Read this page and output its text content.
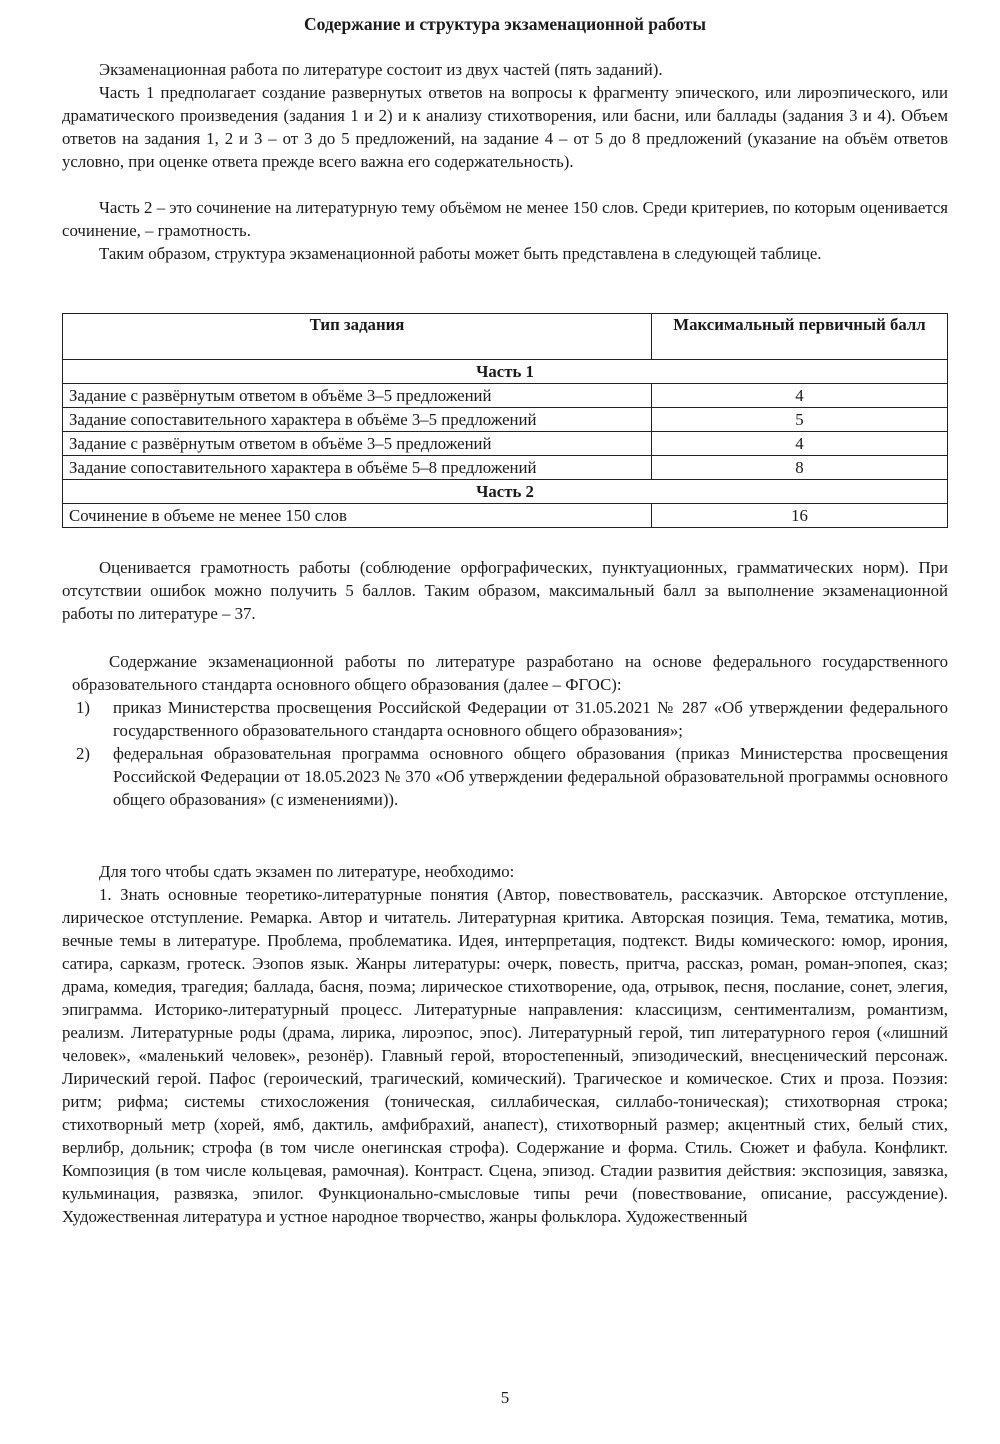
Содержание и структура экзаменационной работы

Экзаменационная работа по литературе состоит из двух частей (пять заданий).

Часть 1 предполагает создание развернутых ответов на вопросы к фрагменту эпического, или лироэпического, или драматического произведения (задания 1 и 2) и к анализу стихотворения, или басни, или баллады (задания 3 и 4). Объем ответов на задания 1, 2 и 3 – от 3 до 5 предложений, на задание 4 – от 5 до 8 предложений (указание на объём ответов условно, при оценке ответа прежде всего важна его содержательность).

Часть 2 – это сочинение на литературную тему объёмом не менее 150 слов. Среди критериев, по которым оценивается сочинение, – грамотность.

Таким образом, структура экзаменационной работы может быть представлена в следующей таблице.

Тип задания	Максимальный первичный балл
Часть 1	
Задание с развёрнутым ответом в объёме 3–5 предложений	4
Задание сопоставительного характера в объёме 3–5 предложений	5
Задание с развёрнутым ответом в объёме 3–5 предложений	4
Задание сопоставительного характера в объёме 5–8 предложений	8
Часть 2	
Сочинение в объеме не менее 150 слов	16

Оценивается грамотность работы (соблюдение орфографических, пунктуационных, грамматических норм). При отсутствии ошибок можно получить 5 баллов. Таким образом, максимальный балл за выполнение экзаменационной работы по литературе – 37.

Содержание экзаменационной работы по литературе разработано на основе федерального государственного образовательного стандарта основного общего образования (далее – ФГОС):

1) приказ Министерства просвещения Российской Федерации от 31.05.2021 № 287 «Об утверждении федерального государственного образовательного стандарта основного общего образования»;
2) федеральная образовательная программа основного общего образования (приказ Министерства просвещения Российской Федерации от 18.05.2023 № 370 «Об утверждении федеральной образовательной программы основного общего образования» (с изменениями)).

Для того чтобы сдать экзамен по литературе, необходимо:

1. Знать основные теоретико-литературные понятия (Автор, повествователь, рассказчик. Авторское отступление, лирическое отступление. Ремарка. Автор и читатель. Литературная критика. Авторская позиция. Тема, тематика, мотив, вечные темы в литературе. Проблема, проблематика. Идея, интерпретация, подтекст. Виды комического: юмор, ирония, сатира, сарказм, гротеск. Эзопов язык. Жанры литературы: очерк, повесть, притча, рассказ, роман, роман-эпопея, сказ; драма, комедия, трагедия; баллада, басня, поэма; лирическое стихотворение, ода, отрывок, песня, послание, сонет, элегия, эпиграмма. Историко-литературный процесс. Литературные направления: классицизм, сентиментализм, романтизм, реализм. Литературные роды (драма, лирика, лироэпос, эпос). Литературный герой, тип литературного героя («лишний человек», «маленький человек», резонёр). Главный герой, второстепенный, эпизодический, внесценический персонаж. Лирический герой. Пафос (героический, трагический, комический). Трагическое и комическое. Стих и проза. Поэзия: ритм; рифма; системы стихосложения (тоническая, силлабическая, силлабо-тоническая); стихотворная строка; стихотворный метр (хорей, ямб, дактиль, амфибрахий, анапест), стихотворный размер; акцентный стих, белый стих, верлибр, дольник; строфа (в том числе онегинская строфа). Содержание и форма. Стиль. Сюжет и фабула. Конфликт. Композиция (в том числе кольцевая, рамочная). Контраст. Сцена, эпизод. Стадии развития действия: экспозиция, завязка, кульминация, развязка, эпилог. Функционально-смысловые типы речи (повествование, описание, рассуждение). Художественная литература и устное народное творчество, жанры фольклора. Художественный

5
